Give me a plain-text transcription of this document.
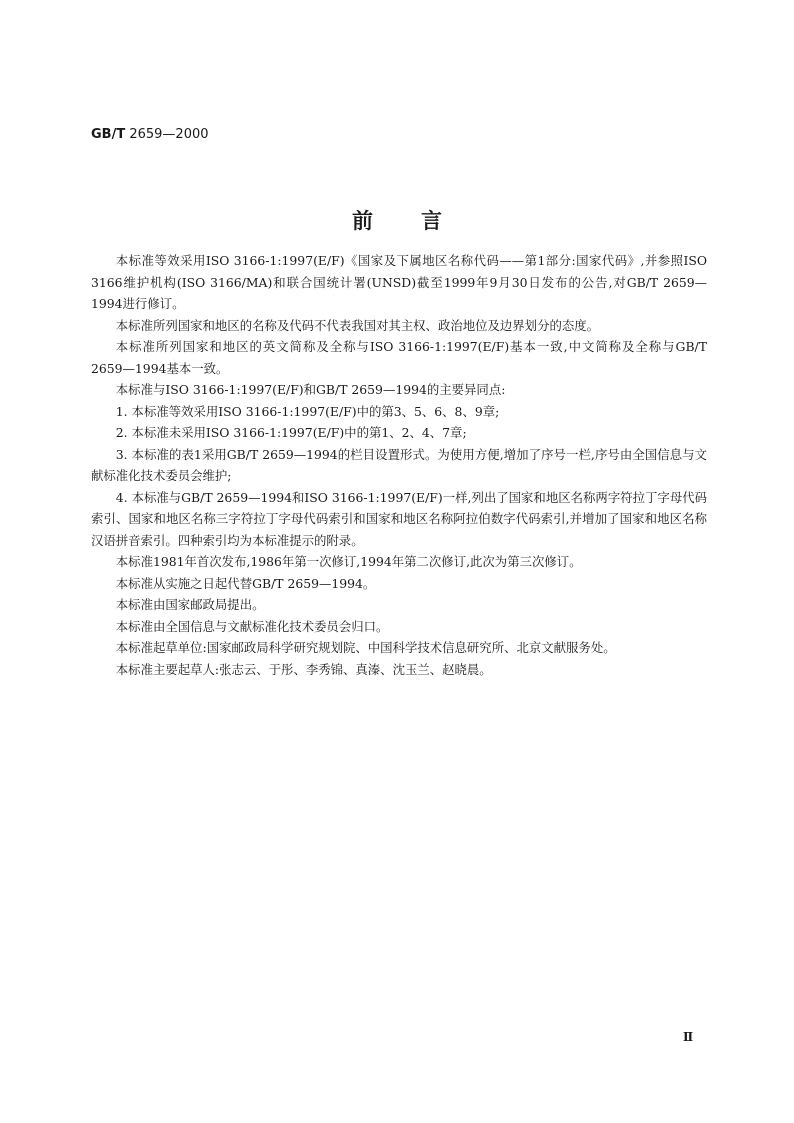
GB/T 2659—2000
前言

本标准等效采用ISO 3166-1:1997(E/F)《国家及下属地区名称代码——第1部分:国家代码》,并参照ISO 3166维护机构(ISO 3166/MA)和联合国统计署(UNSD)截至1999年9月30日发布的公告,对GB/T 2659—1994进行修订。

本标准所列国家和地区的名称及代码不代表我国对其主权、政治地位及边界划分的态度。

本标准所列国家和地区的英文简称及全称与ISO 3166-1:1997(E/F)基本一致,中文简称及全称与GB/T 2659—1994基本一致。

本标准与ISO 3166-1:1997(E/F)和GB/T 2659—1994的主要异同点:

1. 本标准等效采用ISO 3166-1:1997(E/F)中的第3、5、6、8、9章;

2. 本标准未采用ISO 3166-1:1997(E/F)中的第1、2、4、7章;

3. 本标准的表1采用GB/T 2659—1994的栏目设置形式。为使用方便,增加了序号一栏,序号由全国信息与文献标准化技术委员会维护;

4. 本标准与GB/T 2659—1994和ISO 3166-1:1997(E/F)一样,列出了国家和地区名称两字符拉丁字母代码索引、国家和地区名称三字符拉丁字母代码索引和国家和地区名称阿拉伯数字代码索引,并增加了国家和地区名称汉语拼音索引。四种索引均为本标准提示的附录。

本标准1981年首次发布,1986年第一次修订,1994年第二次修订,此次为第三次修订。

本标准从实施之日起代替GB/T 2659—1994。

本标准由国家邮政局提出。

本标准由全国信息与文献标准化技术委员会归口。

本标准起草单位:国家邮政局科学研究规划院、中国科学技术信息研究所、北京文献服务处。

本标准主要起草人:张志云、于彤、李秀锦、真溱、沈玉兰、赵晓晨。

Ⅱ
